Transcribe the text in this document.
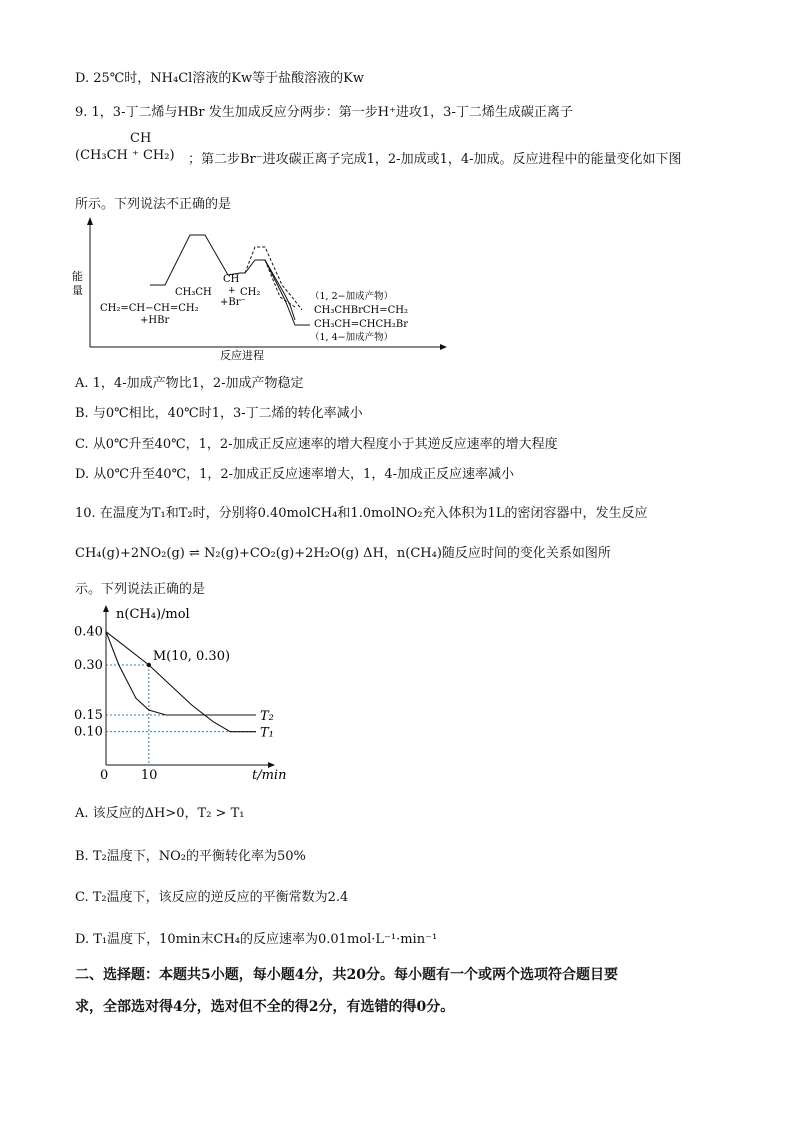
D. 25℃时，NH₄Cl溶液的Kw等于盐酸溶液的Kw
9. 1，3-丁二烯与HBr 发生加成反应分两步：第一步H⁺进攻1，3-丁二烯生成碳正离子
CH
(CH₃CH ⁺ CH₂) ；第二步Br⁻进攻碳正离子完成1，2-加成或1，4-加成。反应进程中的能量变化如下图
所示。下列说法不正确的是
能量
反应进程
CH₂=CH−CH=CH₂
+HBr
CH
CH₃CH + CH₂
+Br⁻
（1, 2−加成产物）
CH₃CHBrCH=CH₂
CH₃CH=CHCH₂Br
（1, 4−加成产物）
A. 1，4-加成产物比1，2-加成产物稳定
B. 与0℃相比，40℃时1，3-丁二烯的转化率减小
C. 从0℃升至40℃，1，2-加成正反应速率的增大程度小于其逆反应速率的增大程度
D. 从0℃升至40℃，1，2-加成正反应速率增大，1，4-加成正反应速率减小
10. 在温度为T₁和T₂时，分别将0.40molCH₄和1.0molNO₂充入体积为1L的密闭容器中，发生反应
CH₄(g)+2NO₂(g) ⇌ N₂(g)+CO₂(g)+2H₂O(g) ΔH，n(CH₄)随反应时间的变化关系如图所
示。下列说法正确的是
n(CH₄)/mol
t/min
0.40
0.30
0.15
0.10
0	10
T₂
T₁
M(10, 0.30)
A. 该反应的ΔH>0，T₂ > T₁
B. T₂温度下，NO₂的平衡转化率为50%
C. T₂温度下，该反应的逆反应的平衡常数为2.4
D. T₁温度下，10min末CH₄的反应速率为0.01mol·L⁻¹·min⁻¹
二、选择题：本题共5小题，每小题4分，共20分。每小题有一个或两个选项符合题目要
求，全部选对得4分，选对但不全的得2分，有选错的得0分。
